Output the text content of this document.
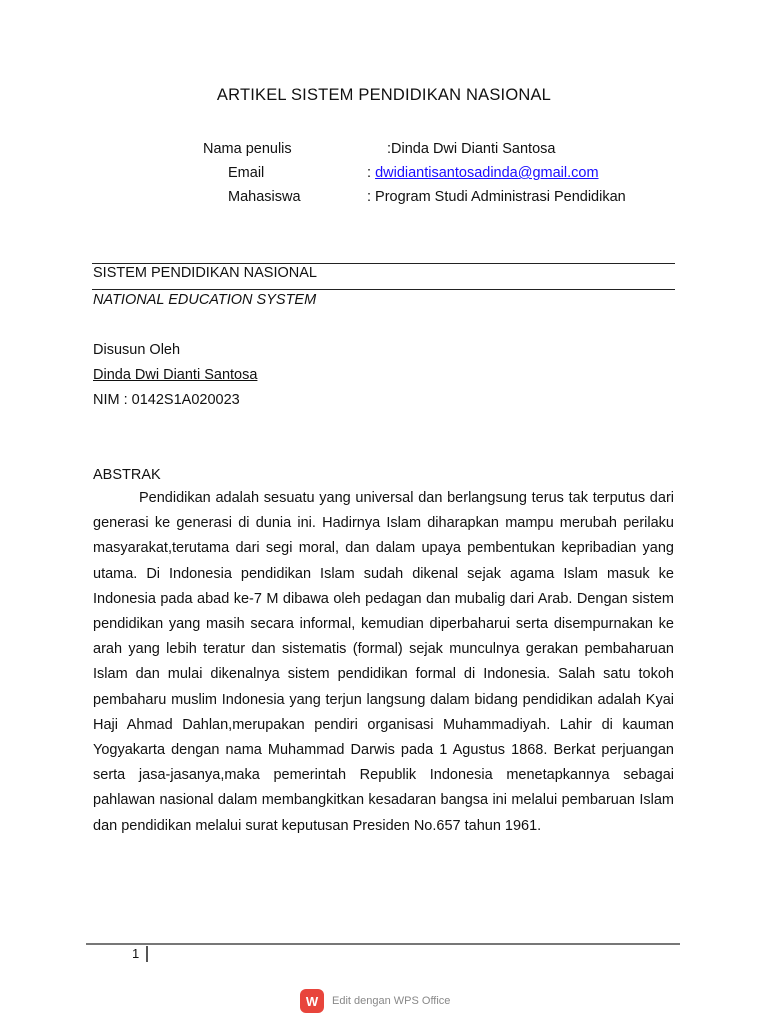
ARTIKEL SISTEM PENDIDIKAN NASIONAL
Nama penulis	:Dinda Dwi Dianti Santosa
Email	: dwidiantisantosadinda@gmail.com
Mahasiswa	: Program Studi Administrasi Pendidikan
SISTEM PENDIDIKAN NASIONAL
NATIONAL EDUCATION SYSTEM
Disusun Oleh
Dinda Dwi Dianti Santosa
NIM : 0142S1A020023
ABSTRAK

Pendidikan adalah sesuatu yang universal dan berlangsung terus tak terputus dari generasi ke generasi di dunia ini. Hadirnya Islam diharapkan mampu merubah perilaku masyarakat,terutama dari segi moral, dan dalam upaya pembentukan kepribadian yang utama. Di Indonesia pendidikan Islam sudah dikenal sejak agama Islam masuk ke Indonesia pada abad ke-7 M dibawa oleh pedagan dan mubalig dari Arab. Dengan sistem pendidikan yang masih secara informal, kemudian diperbaharui serta disempurnakan ke arah yang lebih teratur dan sistematis (formal) sejak munculnya gerakan pembaharuan Islam dan mulai dikenalnya sistem pendidikan formal di Indonesia. Salah satu tokoh pembaharu muslim Indonesia yang terjun langsung dalam bidang pendidikan adalah Kyai Haji Ahmad Dahlan,merupakan pendiri organisasi Muhammadiyah. Lahir di kauman Yogyakarta dengan nama Muhammad Darwis pada 1 Agustus 1868. Berkat perjuangan serta jasa-jasanya,maka pemerintah Republik Indonesia menetapkannya sebagai pahlawan nasional dalam membangkitkan kesadaran bangsa ini melalui pembaruan Islam dan pendidikan melalui surat keputusan Presiden No.657 tahun 1961.

1
W	Edit dengan WPS Office
